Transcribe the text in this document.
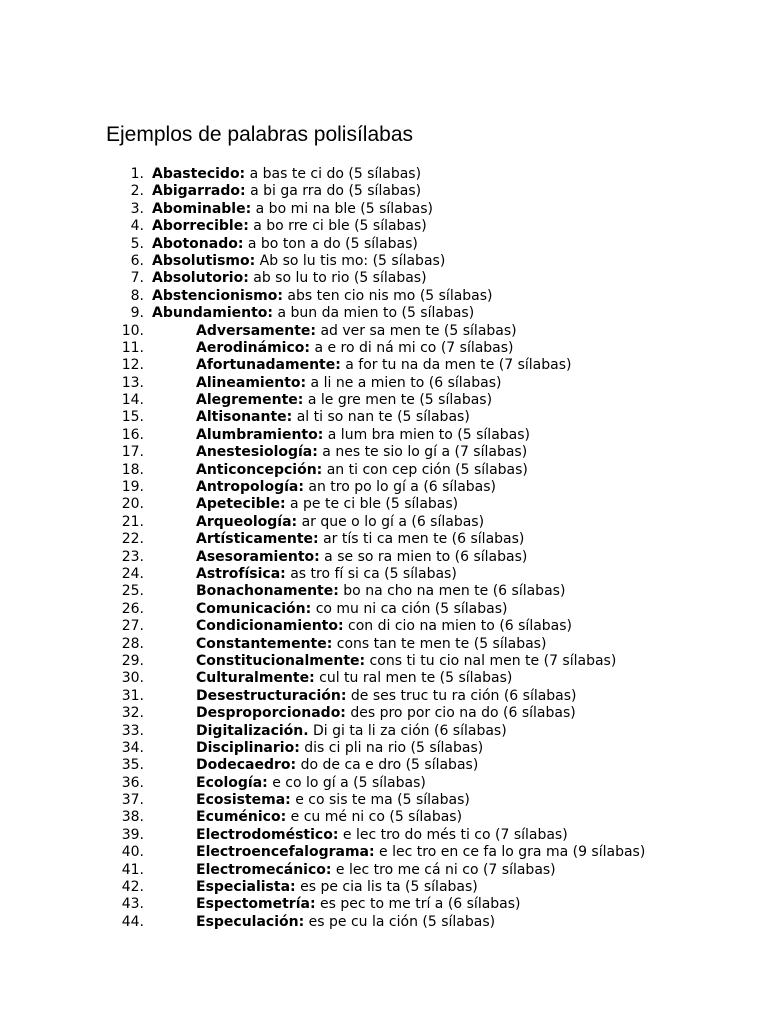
Ejemplos de palabras polisílabas
1. Abastecido: a bas te ci do (5 sílabas)
2. Abigarrado: a bi ga rra do (5 sílabas)
3. Abominable: a bo mi na ble (5 sílabas)
4. Aborrecible: a bo rre ci ble (5 sílabas)
5. Abotonado: a bo ton a do (5 sílabas)
6. Absolutismo: Ab so lu tis mo: (5 sílabas)
7. Absolutorio: ab so lu to rio (5 sílabas)
8. Abstencionismo: abs ten cio nis mo (5 sílabas)
9. Abundamiento: a bun da mien to (5 sílabas)
10.	Adversamente: ad ver sa men te (5 sílabas)
11.	Aerodinámico: a e ro di ná mi co (7 sílabas)
12.	Afortunadamente: a for tu na da men te (7 sílabas)
13.	Alineamiento: a li ne a mien to (6 sílabas)
14.	Alegremente: a le gre men te (5 sílabas)
15.	Altisonante: al ti so nan te (5 sílabas)
16.	Alumbramiento: a lum bra mien to (5 sílabas)
17.	Anestesiología: a nes te sio lo gí a (7 sílabas)
18.	Anticoncepción: an ti con cep ción (5 sílabas)
19.	Antropología: an tro po lo gí a (6 sílabas)
20.	Apetecible: a pe te ci ble (5 sílabas)
21.	Arqueología: ar que o lo gí a (6 sílabas)
22.	Artísticamente: ar tís ti ca men te (6 sílabas)
23.	Asesoramiento: a se so ra mien to (6 sílabas)
24.	Astrofísica: as tro fí si ca (5 sílabas)
25.	Bonachonamente: bo na cho na men te (6 sílabas)
26.	Comunicación: co mu ni ca ción (5 sílabas)
27.	Condicionamiento: con di cio na mien to (6 sílabas)
28.	Constantemente: cons tan te men te (5 sílabas)
29.	Constitucionalmente: cons ti tu cio nal men te (7 sílabas)
30.	Culturalmente: cul tu ral men te (5 sílabas)
31.	Desestructuración: de ses truc tu ra ción (6 sílabas)
32.	Desproporcionado: des pro por cio na do (6 sílabas)
33.	Digitalización. Di gi ta li za ción (6 sílabas)
34.	Disciplinario: dis ci pli na rio (5 sílabas)
35.	Dodecaedro: do de ca e dro (5 sílabas)
36.	Ecología: e co lo gí a (5 sílabas)
37.	Ecosistema: e co sis te ma (5 sílabas)
38.	Ecuménico: e cu mé ni co (5 sílabas)
39.	Electrodoméstico: e lec tro do més ti co (7 sílabas)
40.	Electroencefalograma: e lec tro en ce fa lo gra ma (9 sílabas)
41.	Electromecánico: e lec tro me cá ni co (7 sílabas)
42.	Especialista: es pe cia lis ta (5 sílabas)
43.	Espectometría: es pec to me trí a (6 sílabas)
44.	Especulación: es pe cu la ción (5 sílabas)
